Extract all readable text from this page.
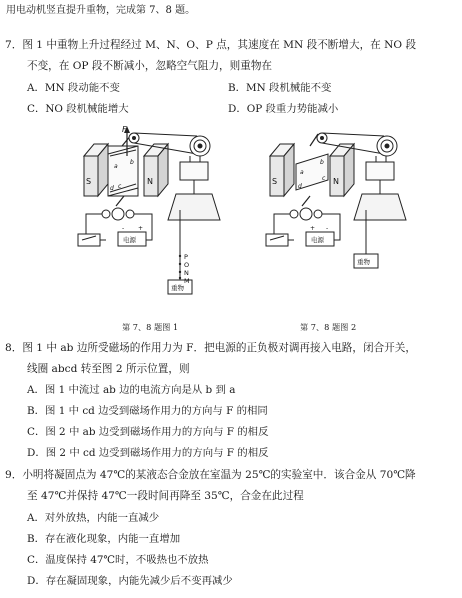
用电动机竖直提升重物，完成第 7、8 题。
7．图 1 中重物上升过程经过 M、N、O、P 点，其速度在 MN 段不断增大，在 NO 段
不变，在 OP 段不断减小，忽略空气阻力，则重物在
A．MN 段动能不变	B．MN 段机械能不变
C．NO 段机械能增大	D．OP 段重力势能减小
S	N
F
a
b
c
d
- +
电源
P
O
N
M
重物
第 7、8 题图 1
S	N
a
b
c
d
+ -
电源
重物
第 7、8 题图 2
8．图 1 中 ab 边所受磁场的作用力为 F．把电源的正负极对调再接入电路，闭合开关，
线圈 abcd 转至图 2 所示位置，则
A．图 1 中流过 ab 边的电流方向是从 b 到 a
B．图 1 中 cd 边受到磁场作用力的方向与 F 的相同
C．图 2 中 ab 边受到磁场作用力的方向与 F 的相反
D．图 2 中 cd 边受到磁场作用力的方向与 F 的相反
9．小明将凝固点为 47℃的某液态合金放在室温为 25℃的实验室中．该合金从 70℃降
至 47℃并保持 47℃一段时间再降至 35℃，合金在此过程
A．对外放热，内能一直减少
B．存在液化现象，内能一直增加
C．温度保持 47℃时，不吸热也不放热
D．存在凝固现象，内能先减少后不变再减少
